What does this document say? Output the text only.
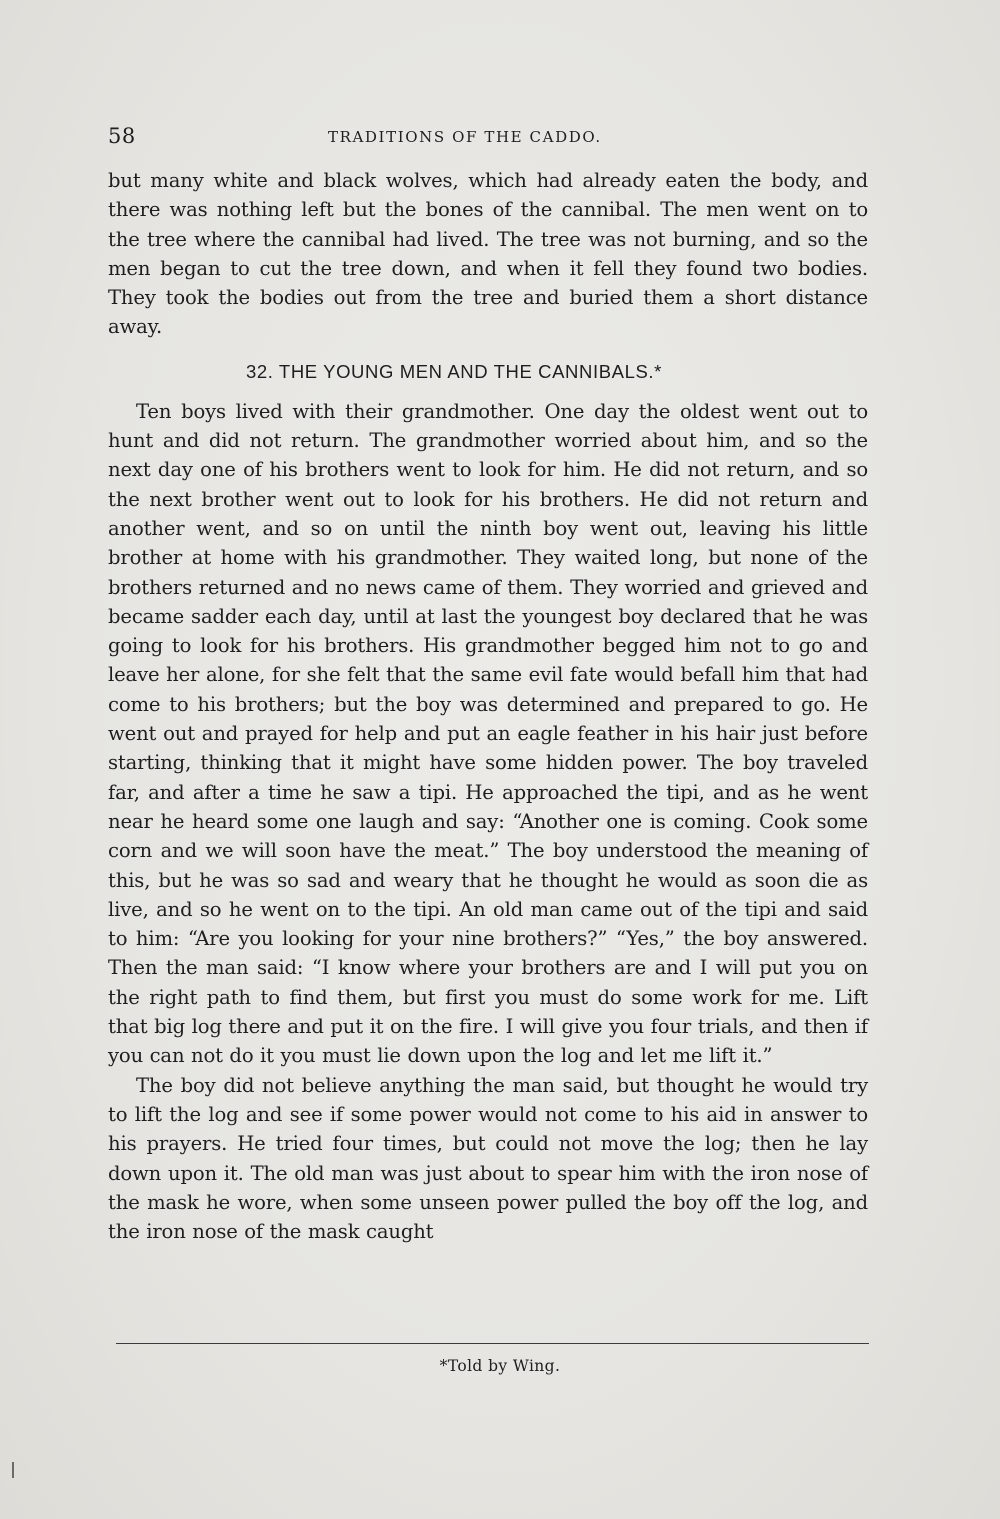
58	TRADITIONS OF THE CADDO.

but many white and black wolves, which had already eaten the body, and there was nothing left but the bones of the cannibal. The men went on to the tree where the cannibal had lived. The tree was not burning, and so the men began to cut the tree down, and when it fell they found two bodies. They took the bodies out from the tree and buried them a short distance away.

32. THE YOUNG MEN AND THE CANNIBALS.*

Ten boys lived with their grandmother. One day the oldest went out to hunt and did not return. The grandmother worried about him, and so the next day one of his brothers went to look for him. He did not return, and so the next brother went out to look for his brothers. He did not return and another went, and so on until the ninth boy went out, leaving his little brother at home with his grandmother. They waited long, but none of the brothers returned and no news came of them. They worried and grieved and became sadder each day, until at last the youngest boy declared that he was going to look for his brothers. His grandmother begged him not to go and leave her alone, for she felt that the same evil fate would befall him that had come to his brothers; but the boy was determined and prepared to go. He went out and prayed for help and put an eagle feather in his hair just before starting, thinking that it might have some hidden power. The boy traveled far, and after a time he saw a tipi. He approached the tipi, and as he went near he heard some one laugh and say: “Another one is coming. Cook some corn and we will soon have the meat.” The boy understood the meaning of this, but he was so sad and weary that he thought he would as soon die as live, and so he went on to the tipi. An old man came out of the tipi and said to him: “Are you looking for your nine brothers?” “Yes,” the boy answered. Then the man said: “I know where your brothers are and I will put you on the right path to find them, but first you must do some work for me. Lift that big log there and put it on the fire. I will give you four trials, and then if you can not do it you must lie down upon the log and let me lift it.”

The boy did not believe anything the man said, but thought he would try to lift the log and see if some power would not come to his aid in answer to his prayers. He tried four times, but could not move the log; then he lay down upon it. The old man was just about to spear him with the iron nose of the mask he wore, when some unseen power pulled the boy off the log, and the iron nose of the mask caught

*Told by Wing.
